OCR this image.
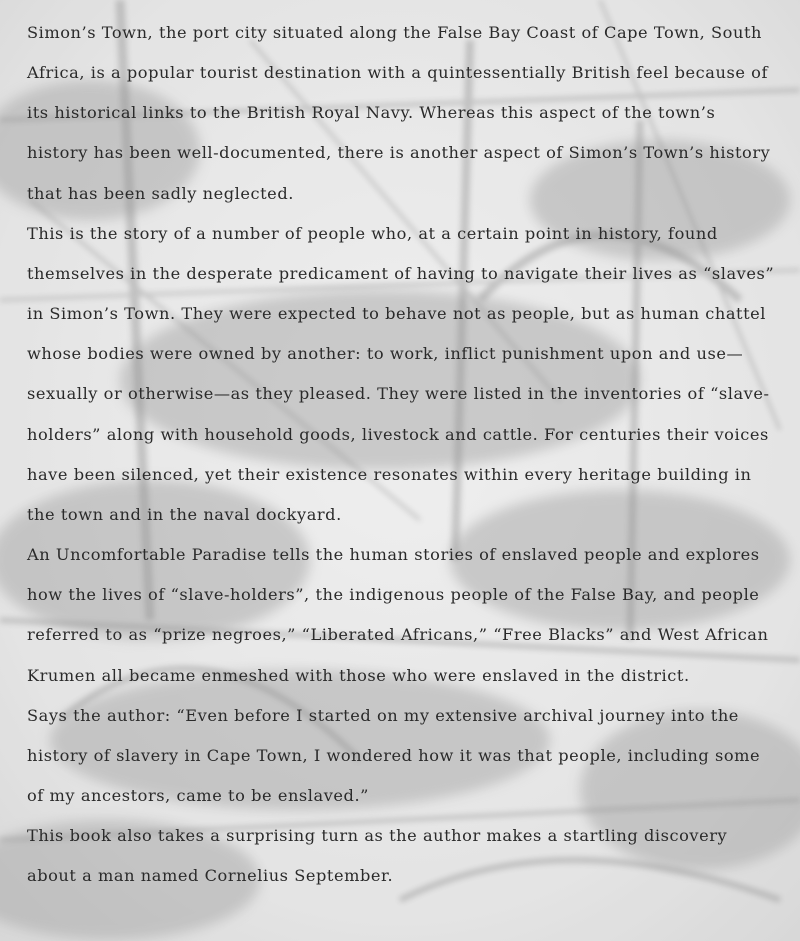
Simon’s Town, the port city situated along the False Bay Coast of Cape Town, South Africa, is a popular tourist destination with a quintessentially British feel because of its historical links to the British Royal Navy. Whereas this aspect of the town’s history has been well-documented, there is another aspect of Simon’s Town’s history that has been sadly neglected.

This is the story of a number of people who, at a certain point in history, found themselves in the desperate predicament of having to navigate their lives as “slaves” in Simon’s Town. They were expected to behave not as people, but as human chattel whose bodies were owned by another: to work, inflict punishment upon and use—sexually or otherwise—as they pleased. They were listed in the inventories of “slave-holders” along with household goods, livestock and cattle. For centuries their voices have been silenced, yet their existence resonates within every heritage building in the town and in the naval dockyard.

An Uncomfortable Paradise tells the human stories of enslaved people and explores how the lives of “slave-holders”, the indigenous people of the False Bay, and people referred to as “prize negroes,” “Liberated Africans,” “Free Blacks” and West African Krumen all became enmeshed with those who were enslaved in the district.

Says the author: “Even before I started on my extensive archival journey into the history of slavery in Cape Town, I wondered how it was that people, including some of my ancestors, came to be enslaved.”

This book also takes a surprising turn as the author makes a startling discovery about a man named Cornelius September.
